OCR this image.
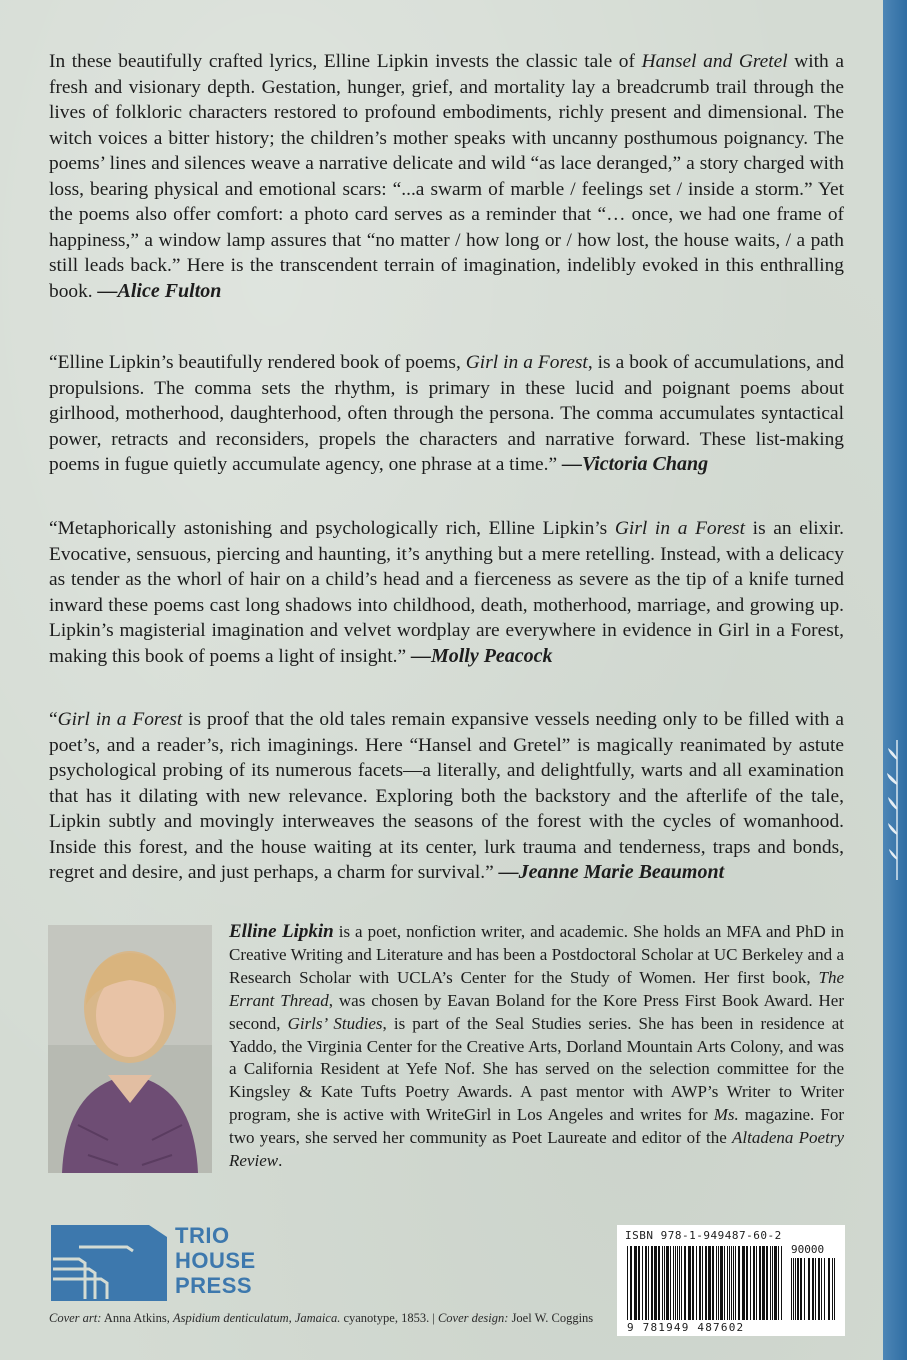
In these beautifully crafted lyrics, Elline Lipkin invests the classic tale of Hansel and Gretel with a fresh and visionary depth. Gestation, hunger, grief, and mortality lay a breadcrumb trail through the lives of folkloric characters restored to profound embodiments, richly present and dimensional. The witch voices a bitter history; the children’s mother speaks with uncanny posthumous poignancy. The poems’ lines and silences weave a narrative delicate and wild “as lace deranged,” a story charged with loss, bearing physical and emotional scars: “...a swarm of marble / feelings set / inside a storm.” Yet the poems also offer comfort: a photo card serves as a reminder that “… once, we had one frame of happiness,” a window lamp assures that “no matter / how long or / how lost, the house waits, / a path still leads back.” Here is the transcendent terrain of imagination, indelibly evoked in this enthralling book. —Alice Fulton

“Elline Lipkin’s beautifully rendered book of poems, Girl in a Forest, is a book of accumulations, and propulsions. The comma sets the rhythm, is primary in these lucid and poignant poems about girlhood, motherhood, daughterhood, often through the persona. The comma accumulates syntactical power, retracts and reconsiders, propels the characters and narrative forward. These list-making poems in fugue quietly accumulate agency, one phrase at a time.” —Victoria Chang

“Metaphorically astonishing and psychologically rich, Elline Lipkin’s Girl in a Forest is an elixir. Evocative, sensuous, piercing and haunting, it’s anything but a mere retelling. Instead, with a delicacy as tender as the whorl of hair on a child’s head and a fierceness as severe as the tip of a knife turned inward these poems cast long shadows into childhood, death, motherhood, marriage, and growing up. Lipkin’s magisterial imagination and velvet wordplay are everywhere in evidence in Girl in a Forest, making this book of poems a light of insight.” —Molly Peacock

“Girl in a Forest is proof that the old tales remain expansive vessels needing only to be filled with a poet’s, and a reader’s, rich imaginings. Here “Hansel and Gretel” is magically reanimated by astute psychological probing of its numerous facets—a literally, and delightfully, warts and all examination that has it dilating with new relevance. Exploring both the backstory and the afterlife of the tale, Lipkin subtly and movingly interweaves the seasons of the forest with the cycles of womanhood. Inside this forest, and the house waiting at its center, lurk trauma and tenderness, traps and bonds, regret and desire, and just perhaps, a charm for survival.” —Jeanne Marie Beaumont

Elline Lipkin is a poet, nonfiction writer, and academic. She holds an MFA and PhD in Creative Writing and Literature and has been a Postdoctoral Scholar at UC Berkeley and a Research Scholar with UCLA’s Center for the Study of Women. Her first book, The Errant Thread, was chosen by Eavan Boland for the Kore Press First Book Award. Her second, Girls’ Studies, is part of the Seal Studies series. She has been in residence at Yaddo, the Virginia Center for the Creative Arts, Dorland Mountain Arts Colony, and was a California Resident at Yefe Nof. She has served on the selection committee for the Kingsley & Kate Tufts Poetry Awards. A past mentor with AWP’s Writer to Writer program, she is active with WriteGirl in Los Angeles and writes for Ms. magazine. For two years, she served her community as Poet Laureate and editor of the Altadena Poetry Review.

TRIO
HOUSE
PRESS
Cover art: Anna Atkins, Aspidium denticulatum, Jamaica. cyanotype, 1853. | Cover design: Joel W. Coggins
ISBN 978-1-949487-60-2
90000
9 781949 487602
